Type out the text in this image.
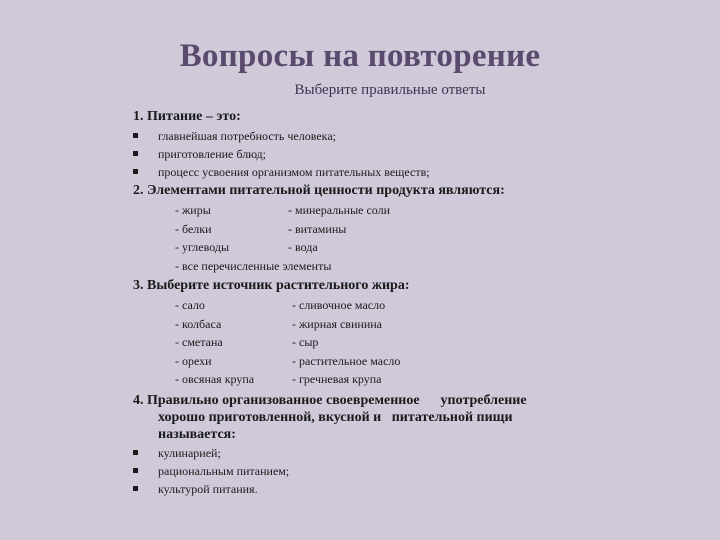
Вопросы на повторение
Выберите правильные ответы
1. Питание – это:
главнейшая потребность человека;
приготовление блюд;
процесс усвоения организмом питательных веществ;
2. Элементами питательной ценности продукта являются:
- жиры	- минеральные соли
- белки	- витамины
- углеводы	- вода
- все перечисленные элементы
3. Выберите источник растительного жира:
- сало	- сливочное масло
- колбаса	- жирная свинина
- сметана	- сыр
- орехи	- растительное масло
- овсяная крупа	- гречневая крупа
4. Правильно организованное своевременное      употребление
хорошо приготовленной, вкусной и   питательной пищи
называется:
кулинарией;
рациональным питанием;
культурой питания.
